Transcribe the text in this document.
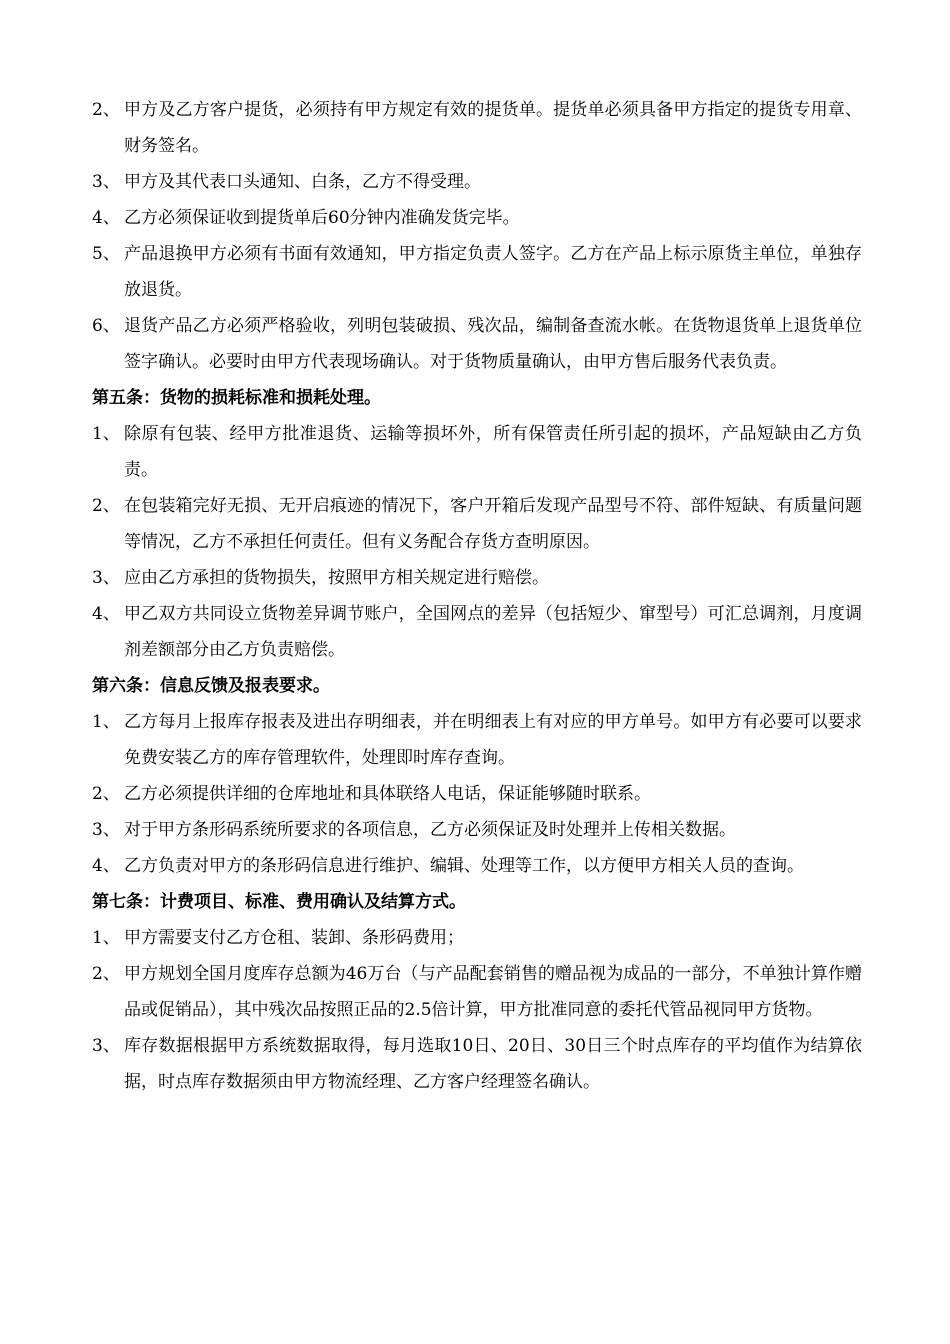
2、 甲方及乙方客户提货，必须持有甲方规定有效的提货单。提货单必须具备甲方指定的提货专用章、财务签名。
3、 甲方及其代表口头通知、白条，乙方不得受理。
4、 乙方必须保证收到提货单后60分钟内准确发货完毕。
5、 产品退换甲方必须有书面有效通知，甲方指定负责人签字。乙方在产品上标示原货主单位，单独存放退货。
6、 退货产品乙方必须严格验收，列明包装破损、残次品，编制备查流水帐。在货物退货单上退货单位签字确认。必要时由甲方代表现场确认。对于货物质量确认，由甲方售后服务代表负责。
第五条：货物的损耗标准和损耗处理。
1、 除原有包装、经甲方批准退货、运输等损坏外，所有保管责任所引起的损坏，产品短缺由乙方负责。
2、 在包装箱完好无损、无开启痕迹的情况下，客户开箱后发现产品型号不符、部件短缺、有质量问题等情况，乙方不承担任何责任。但有义务配合存货方查明原因。
3、 应由乙方承担的货物损失，按照甲方相关规定进行赔偿。
4、 甲乙双方共同设立货物差异调节账户，全国网点的差异（包括短少、窜型号）可汇总调剂，月度调剂差额部分由乙方负责赔偿。
第六条：信息反馈及报表要求。
1、 乙方每月上报库存报表及进出存明细表，并在明细表上有对应的甲方单号。如甲方有必要可以要求免费安装乙方的库存管理软件，处理即时库存查询。
2、 乙方必须提供详细的仓库地址和具体联络人电话，保证能够随时联系。
3、 对于甲方条形码系统所要求的各项信息，乙方必须保证及时处理并上传相关数据。
4、 乙方负责对甲方的条形码信息进行维护、编辑、处理等工作，以方便甲方相关人员的查询。
第七条：计费项目、标准、费用确认及结算方式。
1、 甲方需要支付乙方仓租、装卸、条形码费用；
2、 甲方规划全国月度库存总额为46万台（与产品配套销售的赠品视为成品的一部分，不单独计算作赠品或促销品），其中残次品按照正品的2.5倍计算，甲方批准同意的委托代管品视同甲方货物。
3、 库存数据根据甲方系统数据取得，每月选取10日、20日、30日三个时点库存的平均值作为结算依据，时点库存数据须由甲方物流经理、乙方客户经理签名确认。
